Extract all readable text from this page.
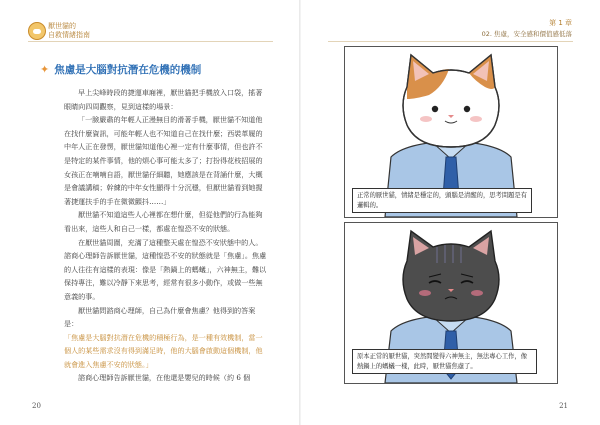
厭世貓的
自救情緒指南
✦ 焦慮是大腦對抗潛在危機的機制

早上尖峰時段的捷運車廂裡，厭世貓把手機放入口袋，搖著眼睛向四周觀察，見到這樣的場景：

「一臉嚴肅的年輕人正漫無目的滑著手機，厭世貓不知道他在找什麼資訊，可能年輕人也不知道自己在找什麼；西裝革履的中年人正在發愣，厭世貓知道他心裡一定有什麼事情，但也許不是特定的某件事情，他的煩心事可能太多了；打扮得花枝招展的女孩正在喃喃自語，厭世貓仔細聽，她應該是在背誦什麼，大概是會議講稿；幹練的中年女性顯得十分沉穩，但厭世貓看到她握著捷運扶手的手在微微顫抖……」

厭世貓不知道這些人心裡都在想什麼，但從他們的行為能夠看出來，這些人和自己一樣，都處在惶恐不安的狀態。

在厭世貓周圍，充滿了這種整天處在惶恐不安狀態中的人。諮商心理師告訴厭世貓，這種惶恐不安的狀態就是「焦慮」。焦慮的人往往有這樣的表現：像是「熱鍋上的螞蟻」，六神無主，難以保持專注，難以冷靜下來思考，經常有很多小動作，或做一些無意義的事。

厭世貓問諮商心理師，自己為什麼會焦慮？他得到的答案是：

「焦慮是大腦對抗潛在危機的積極行為，是一種有效機制，當一個人的某些需求沒有得到滿足時，他的大腦會啟動這個機制，他就會進入焦慮不安的狀態。」

諮商心理師告訴厭世貓，在他還是嬰兒的時候（約 6 個

20
第 1 章
02. 焦慮，安全感和價值感低落
正常的厭世貓，情緒是穩定的，頭腦是清醒的，思考問題是有邏輯的。
原本正常的厭世貓，突然間變得六神無主，無法專心工作，像熱鍋上的螞蟻一樣，此時，厭世貓焦慮了。
21
